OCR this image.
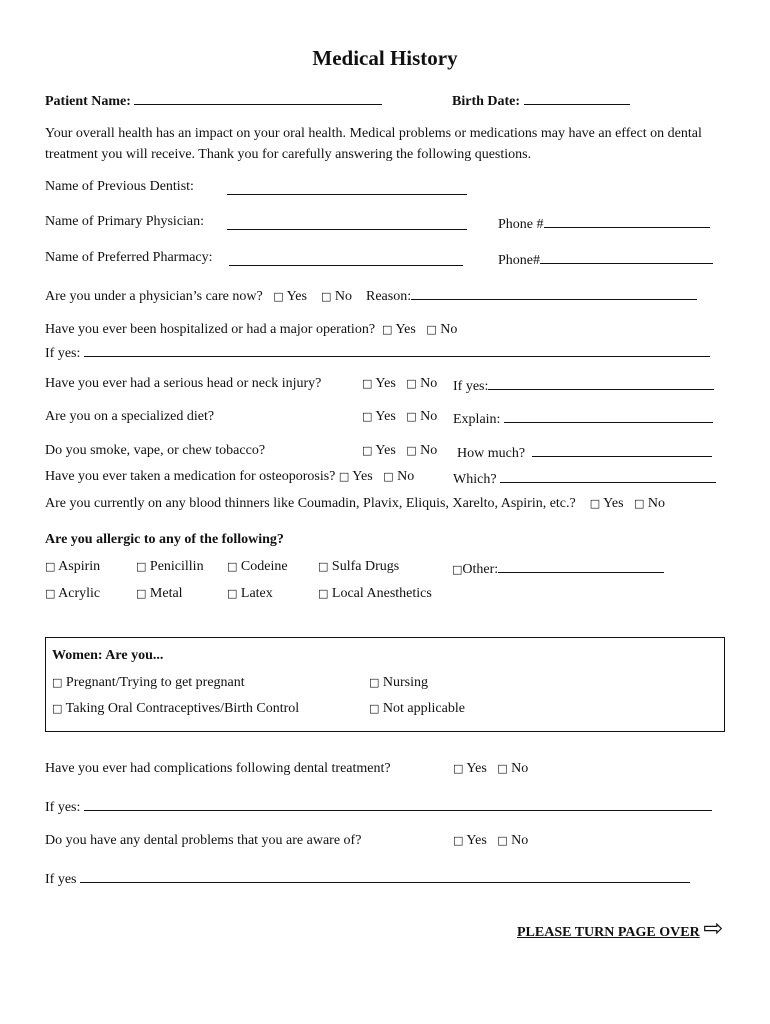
Medical History
Patient Name:	Birth Date:
Your overall health has an impact on your oral health. Medical problems or medications may have an effect on dental treatment you will receive. Thank you for carefully answering the following questions.
Name of Previous Dentist:
Name of Primary Physician:	Phone #
Name of Preferred Pharmacy:	Phone#
Are you under a physician’s care now? □ Yes □ No Reason:
Have you ever been hospitalized or had a major operation? □ Yes □ No
If yes:
Have you ever had a serious head or neck injury?	□ Yes □ No If yes:
Are you on a specialized diet?	□ Yes □ No Explain:
Do you smoke, vape, or chew tobacco?	□ Yes □ No How much?
Have you ever taken a medication for osteoporosis? □ Yes □ No	Which?
Are you currently on any blood thinners like Coumadin, Plavix, Eliquis, Xarelto, Aspirin, etc.? □ Yes □ No
Are you allergic to any of the following?
□ Aspirin	□ Penicillin □ Codeine	□ Sulfa Drugs	□Other:
□ Acrylic	□ Metal	□ Latex	□ Local Anesthetics
Women: Are you...
□ Pregnant/Trying to get pregnant	□ Nursing
□ Taking Oral Contraceptives/Birth Control	□ Not applicable
Have you ever had complications following dental treatment?	□ Yes □ No
If yes:
Do you have any dental problems that you are aware of?	□ Yes □ No
If yes
PLEASE TURN PAGE OVER ⇨
